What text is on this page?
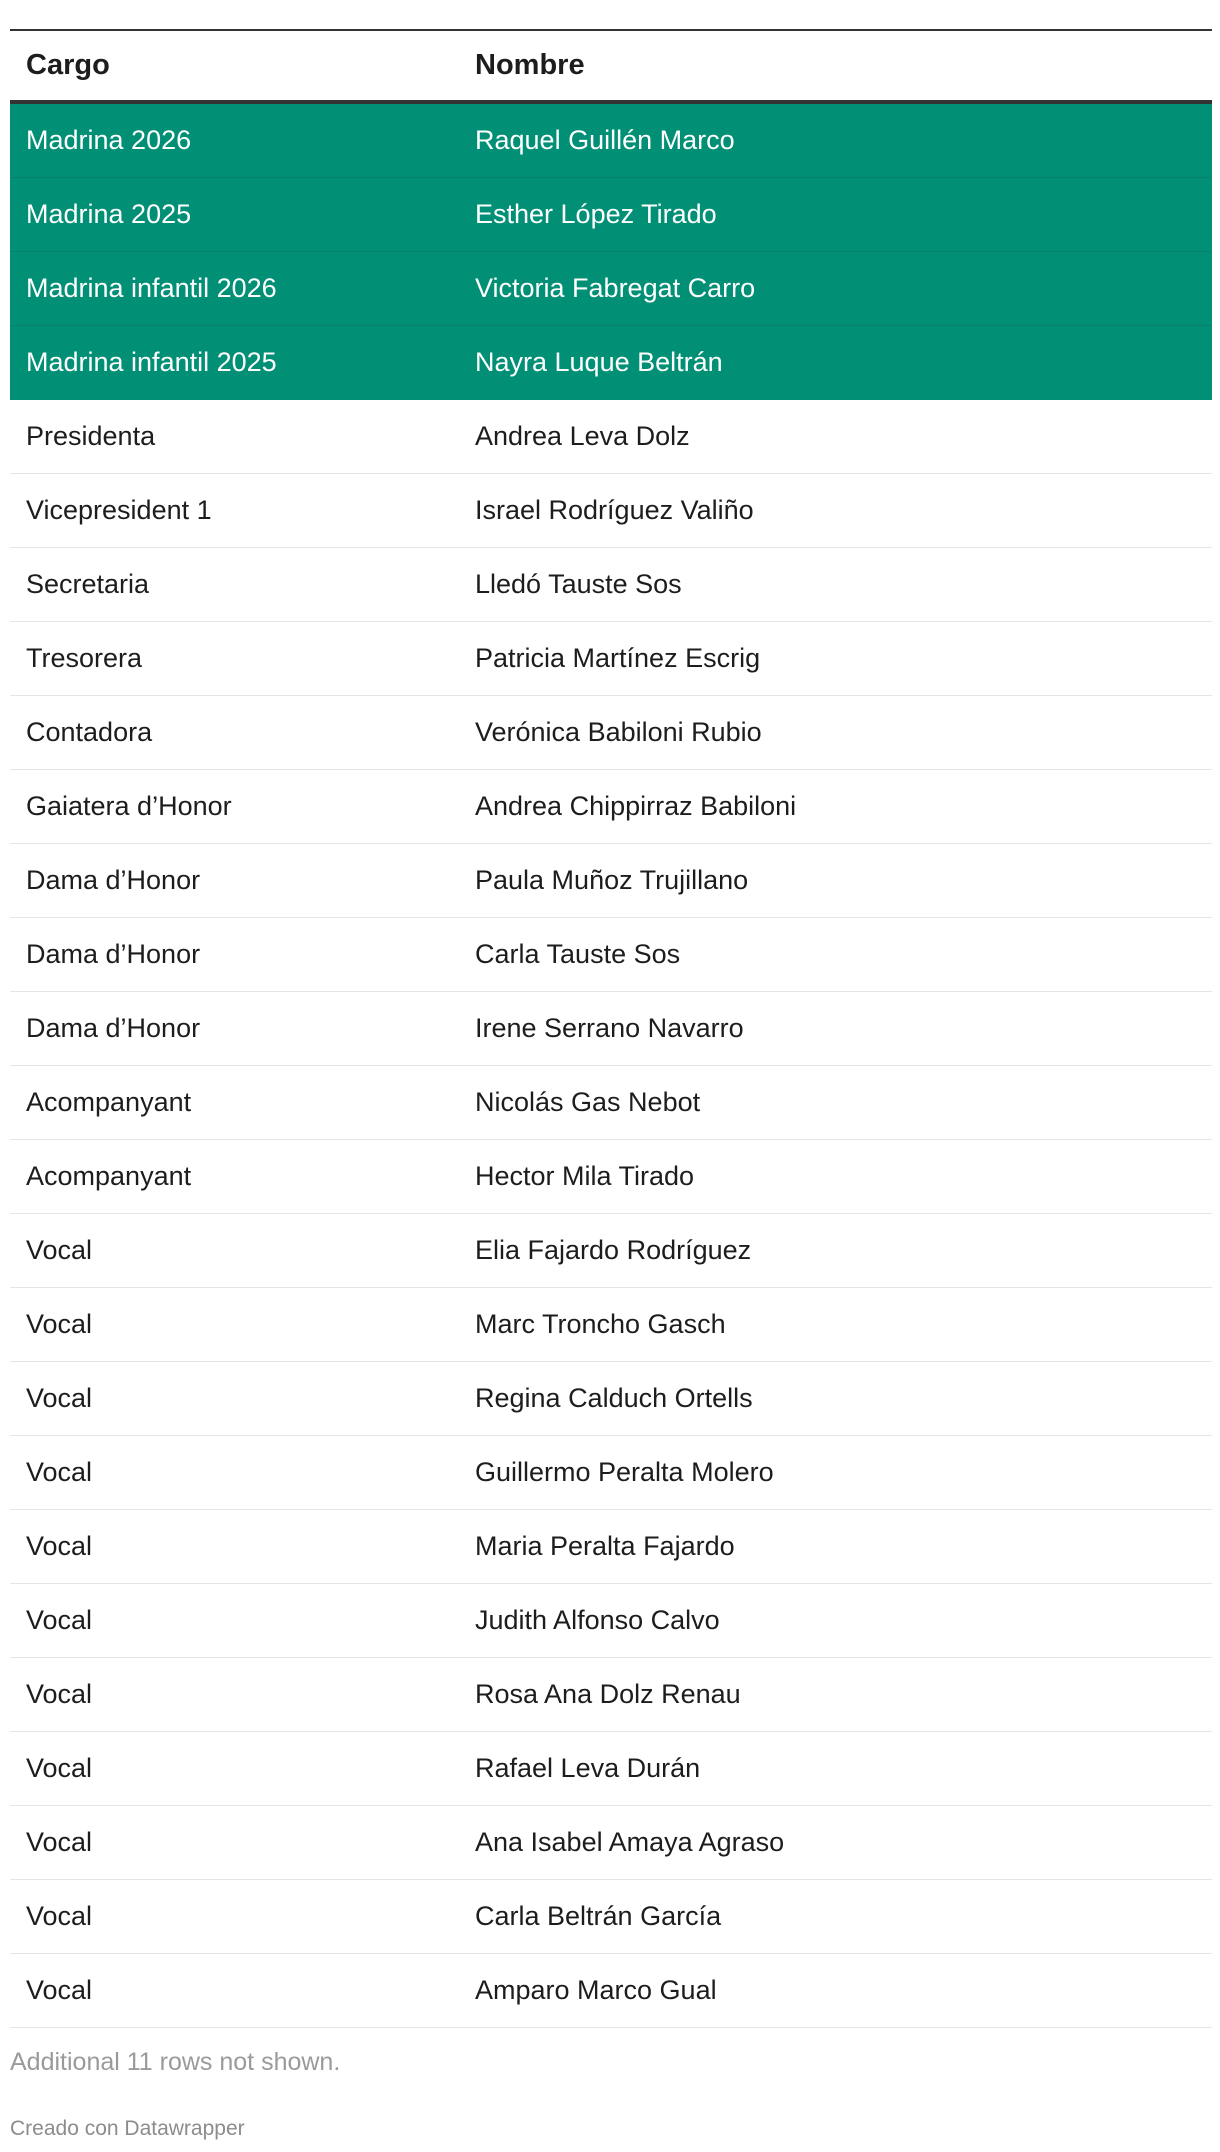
Cargo	Nombre
Madrina 2026	Raquel Guillén Marco
Madrina 2025	Esther López Tirado
Madrina infantil 2026	Victoria Fabregat Carro
Madrina infantil 2025	Nayra Luque Beltrán
Presidenta	Andrea Leva Dolz
Vicepresident 1	Israel Rodríguez Valiño
Secretaria	Lledó Tauste Sos
Tresorera	Patricia Martínez Escrig
Contadora	Verónica Babiloni Rubio
Gaiatera d’Honor	Andrea Chippirraz Babiloni
Dama d’Honor	Paula Muñoz Trujillano
Dama d’Honor	Carla Tauste Sos
Dama d’Honor	Irene Serrano Navarro
Acompanyant	Nicolás Gas Nebot
Acompanyant	Hector Mila Tirado
Vocal	Elia Fajardo Rodríguez
Vocal	Marc Troncho Gasch
Vocal	Regina Calduch Ortells
Vocal	Guillermo Peralta Molero
Vocal	Maria Peralta Fajardo
Vocal	Judith Alfonso Calvo
Vocal	Rosa Ana Dolz Renau
Vocal	Rafael Leva Durán
Vocal	Ana Isabel Amaya Agraso
Vocal	Carla Beltrán García
Vocal	Amparo Marco Gual
Additional 11 rows not shown.
Creado con Datawrapper
